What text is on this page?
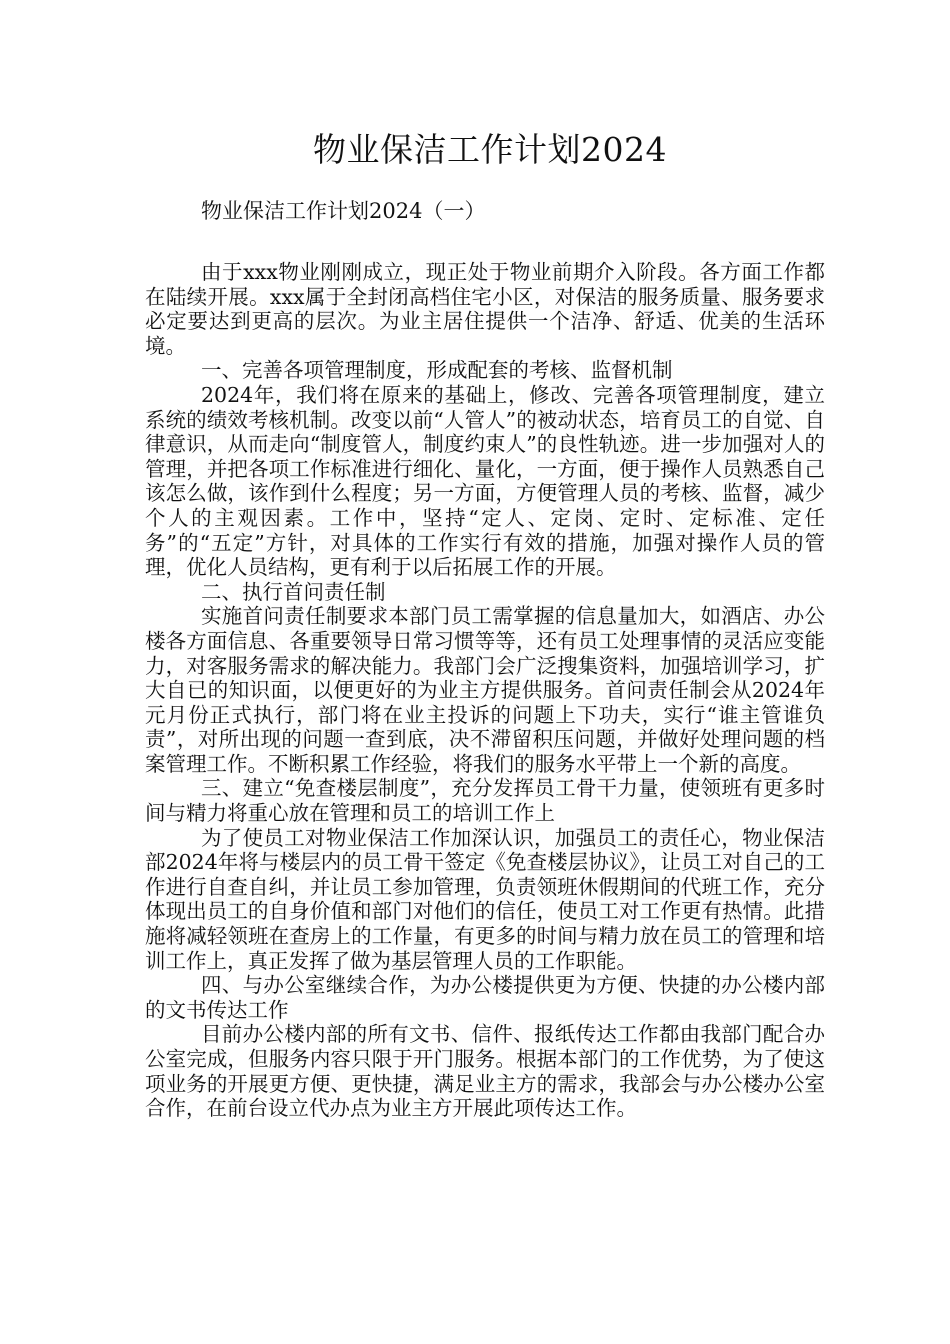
物业保洁工作计划2024

物业保洁工作计划2024（一）

由于xxx物业刚刚成立，现正处于物业前期介入阶段。各方面工作都在陆续开展。xxx属于全封闭高档住宅小区，对保洁的服务质量、服务要求必定要达到更高的层次。为业主居住提供一个洁净、舒适、优美的生活环境。

一、完善各项管理制度，形成配套的考核、监督机制

2024年，我们将在原来的基础上，修改、完善各项管理制度，建立系统的绩效考核机制。改变以前“人管人”的被动状态，培育员工的自觉、自律意识，从而走向“制度管人，制度约束人”的良性轨迹。进一步加强对人的管理，并把各项工作标准进行细化、量化，一方面，便于操作人员熟悉自己该怎么做，该作到什么程度；另一方面，方便管理人员的考核、监督，减少个人的主观因素。工作中，坚持“定人、定岗、定时、定标准、定任务”的“五定”方针，对具体的工作实行有效的措施，加强对操作人员的管理，优化人员结构，更有利于以后拓展工作的开展。

二、执行首问责任制

实施首问责任制要求本部门员工需掌握的信息量加大，如酒店、办公楼各方面信息、各重要领导日常习惯等等，还有员工处理事情的灵活应变能力，对客服务需求的解决能力。我部门会广泛搜集资料，加强培训学习，扩大自已的知识面，以便更好的为业主方提供服务。首问责任制会从2024年元月份正式执行，部门将在业主投诉的问题上下功夫，实行“谁主管谁负责”，对所出现的问题一查到底，决不滞留积压问题，并做好处理问题的档案管理工作。不断积累工作经验，将我们的服务水平带上一个新的高度。

三、建立“免查楼层制度”，充分发挥员工骨干力量，使领班有更多时间与精力将重心放在管理和员工的培训工作上

为了使员工对物业保洁工作加深认识，加强员工的责任心，物业保洁部2024年将与楼层内的员工骨干签定《免查楼层协议》，让员工对自己的工作进行自查自纠，并让员工参加管理，负责领班休假期间的代班工作，充分体现出员工的自身价值和部门对他们的信任，使员工对工作更有热情。此措施将减轻领班在查房上的工作量，有更多的时间与精力放在员工的管理和培训工作上，真正发挥了做为基层管理人员的工作职能。

四、与办公室继续合作，为办公楼提供更为方便、快捷的办公楼内部的文书传达工作

目前办公楼内部的所有文书、信件、报纸传达工作都由我部门配合办公室完成，但服务内容只限于开门服务。根据本部门的工作优势，为了使这项业务的开展更方便、更快捷，满足业主方的需求，我部会与办公楼办公室合作，在前台设立代办点为业主方开展此项传达工作。
